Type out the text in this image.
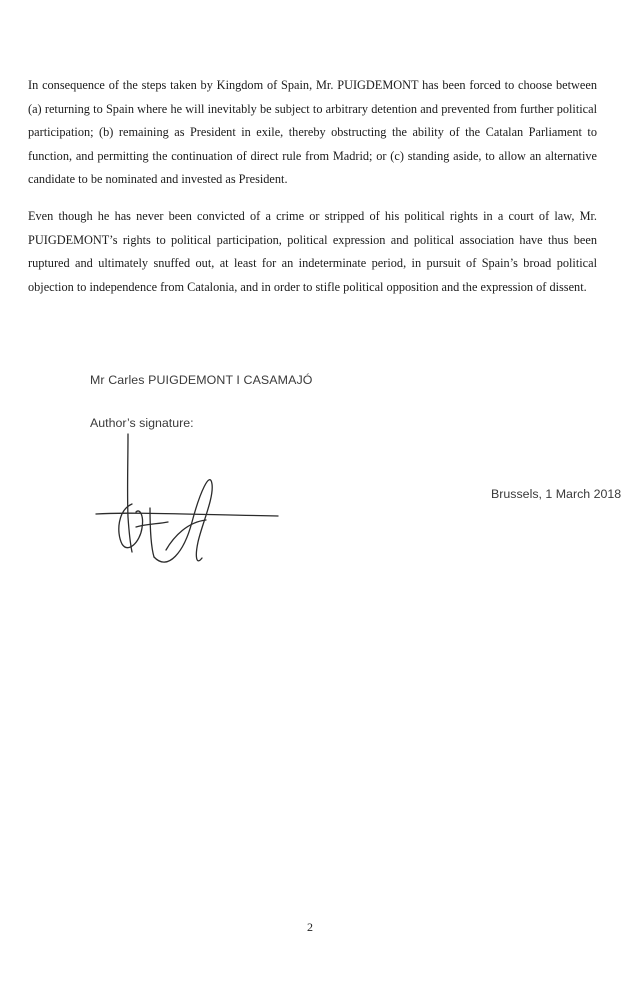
In consequence of the steps taken by Kingdom of Spain, Mr. PUIGDEMONT has been forced to choose between (a) returning to Spain where he will inevitably be subject to arbitrary detention and prevented from further political participation; (b) remaining as President in exile, thereby obstructing the ability of the Catalan Parliament to function, and permitting the continuation of direct rule from Madrid; or (c) standing aside, to allow an alternative candidate to be nominated and invested as President.

Even though he has never been convicted of a crime or stripped of his political rights in a court of law, Mr. PUIGDEMONT’s rights to political participation, political expression and political association have thus been ruptured and ultimately snuffed out, at least for an indeterminate period, in pursuit of Spain’s broad political objection to independence from Catalonia, and in order to stifle political opposition and the expression of dissent.

Mr Carles PUIGDEMONT I CASAMAJÓ
Author’s signature:
Brussels, 1 March 2018
2
